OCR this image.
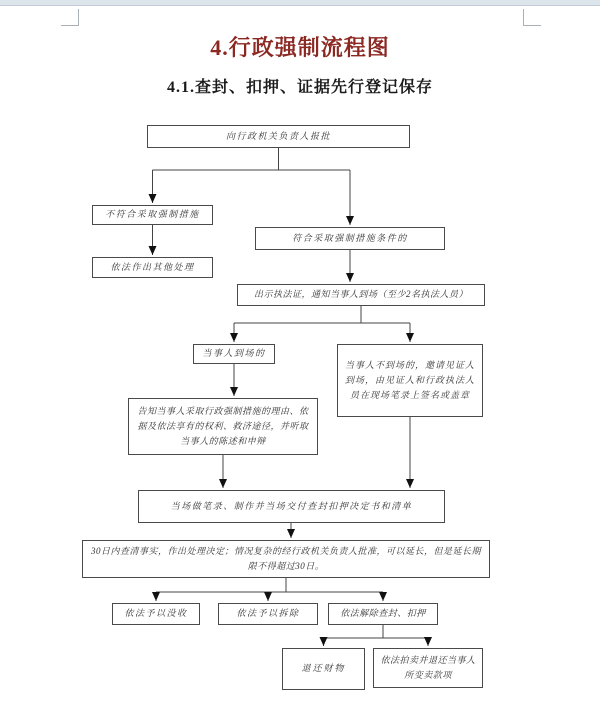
4.行政强制流程图
4.1.查封、扣押、证据先行登记保存
向行政机关负责人报批
不符合采取强制措施
符合采取强制措施条件的
依法作出其他处理
出示执法证，通知当事人到场（至少2名执法人员）
当事人到场的
当事人不到场的，邀请见证人到场，由见证人和行政执法人员在现场笔录上签名或盖章
告知当事人采取行政强制措施的理由、依据及依法享有的权利、救济途径，并听取当事人的陈述和申辩
当场做笔录、制作并当场交付查封扣押决定书和清单
30日内查清事实，作出处理决定；情况复杂的经行政机关负责人批准，可以延长，但是延长期限不得超过30日。
依法予以没收	依法予以拆除	依法解除查封、扣押
退还财物
依法拍卖并退还当事人所变卖款项
